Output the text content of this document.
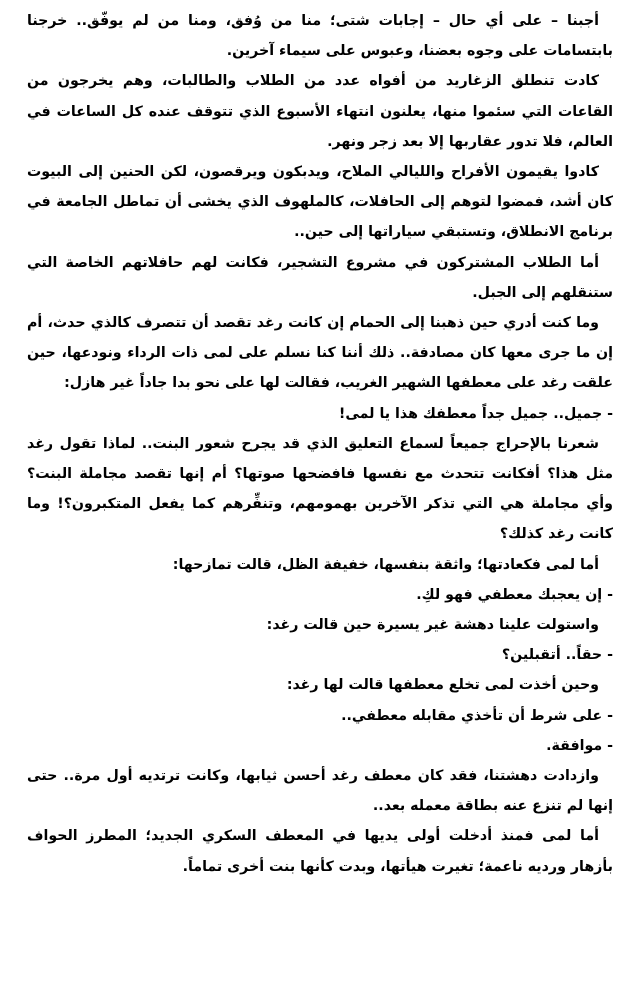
أجبنا – على أي حال – إجابات شتى؛ منا من وُفق، ومنا من لم يوفّق.. خرجنا بابتسامات على وجوه بعضنا، وعبوس على سيماء آخرين.

كادت تنطلق الزغاريد من أفواه عدد من الطلاب والطالبات، وهم يخرجون من القاعات التي سئموا منها، يعلنون انتهاء الأسبوع الذي تتوقف عنده كل الساعات في العالم، فلا تدور عقاربها إلا بعد زجر ونهر.

كادوا يقيمون الأفراح والليالي الملاح، ويدبكون ويرقصون، لكن الحنين إلى البيوت كان أشد، فمضوا لتوهم إلى الحافلات، كالملهوف الذي يخشى أن تماطل الجامعة في برنامج الانطلاق، وتستبقي سياراتها إلى حين..

أما الطلاب المشتركون في مشروع التشجير، فكانت لهم حافلاتهم الخاصة التي ستنقلهم إلى الجبل.

وما كنت أدري حين ذهبنا إلى الحمام إن كانت رغد تقصد أن تتصرف كالذي حدث، أم إن ما جرى معها كان مصادفة.. ذلك أننا كنا نسلم على لمى ذات الرداء ونودعها، حين علقت رغد على معطفها الشهير الغريب، فقالت لها على نحو بدا جاداً غير هازل:

- جميل.. جميل جداً معطفك هذا يا لمى!

شعرنا بالإحراج جميعاً لسماع التعليق الذي قد يجرح شعور البنت.. لماذا تقول رغد مثل هذا؟ أفكانت تتحدث مع نفسها فافضحها صوتها؟ أم إنها تقصد مجاملة البنت؟ وأي مجاملة هي التي تذكر الآخرين بهمومهم، وتنفِّرهم كما يفعل المتكبرون؟! وما كانت رغد كذلك؟

أما لمى فكعادتها؛ واثقة بنفسها، خفيفة الظل، قالت تمازحها:

- إن يعجبك معطفي فهو لكِ.

واستولت علينا دهشة غير يسيرة حين قالت رغد:

- حقاً.. أتقبلين؟

وحين أخذت لمى تخلع معطفها قالت لها رغد:

- على شرط أن تأخذي مقابله معطفي..

- موافقة.

وازدادت دهشتنا، فقد كان معطف رغد أحسن ثيابها، وكانت ترتديه أول مرة.. حتى إنها لم تنزع عنه بطاقة معمله بعد..

أما لمى فمنذ أدخلت أولى يديها في المعطف السكري الجديد؛ المطرز الحواف بأزهار ورديه ناعمة؛ تغيرت هيأتها، وبدت كأنها بنت أخرى تماماً.
